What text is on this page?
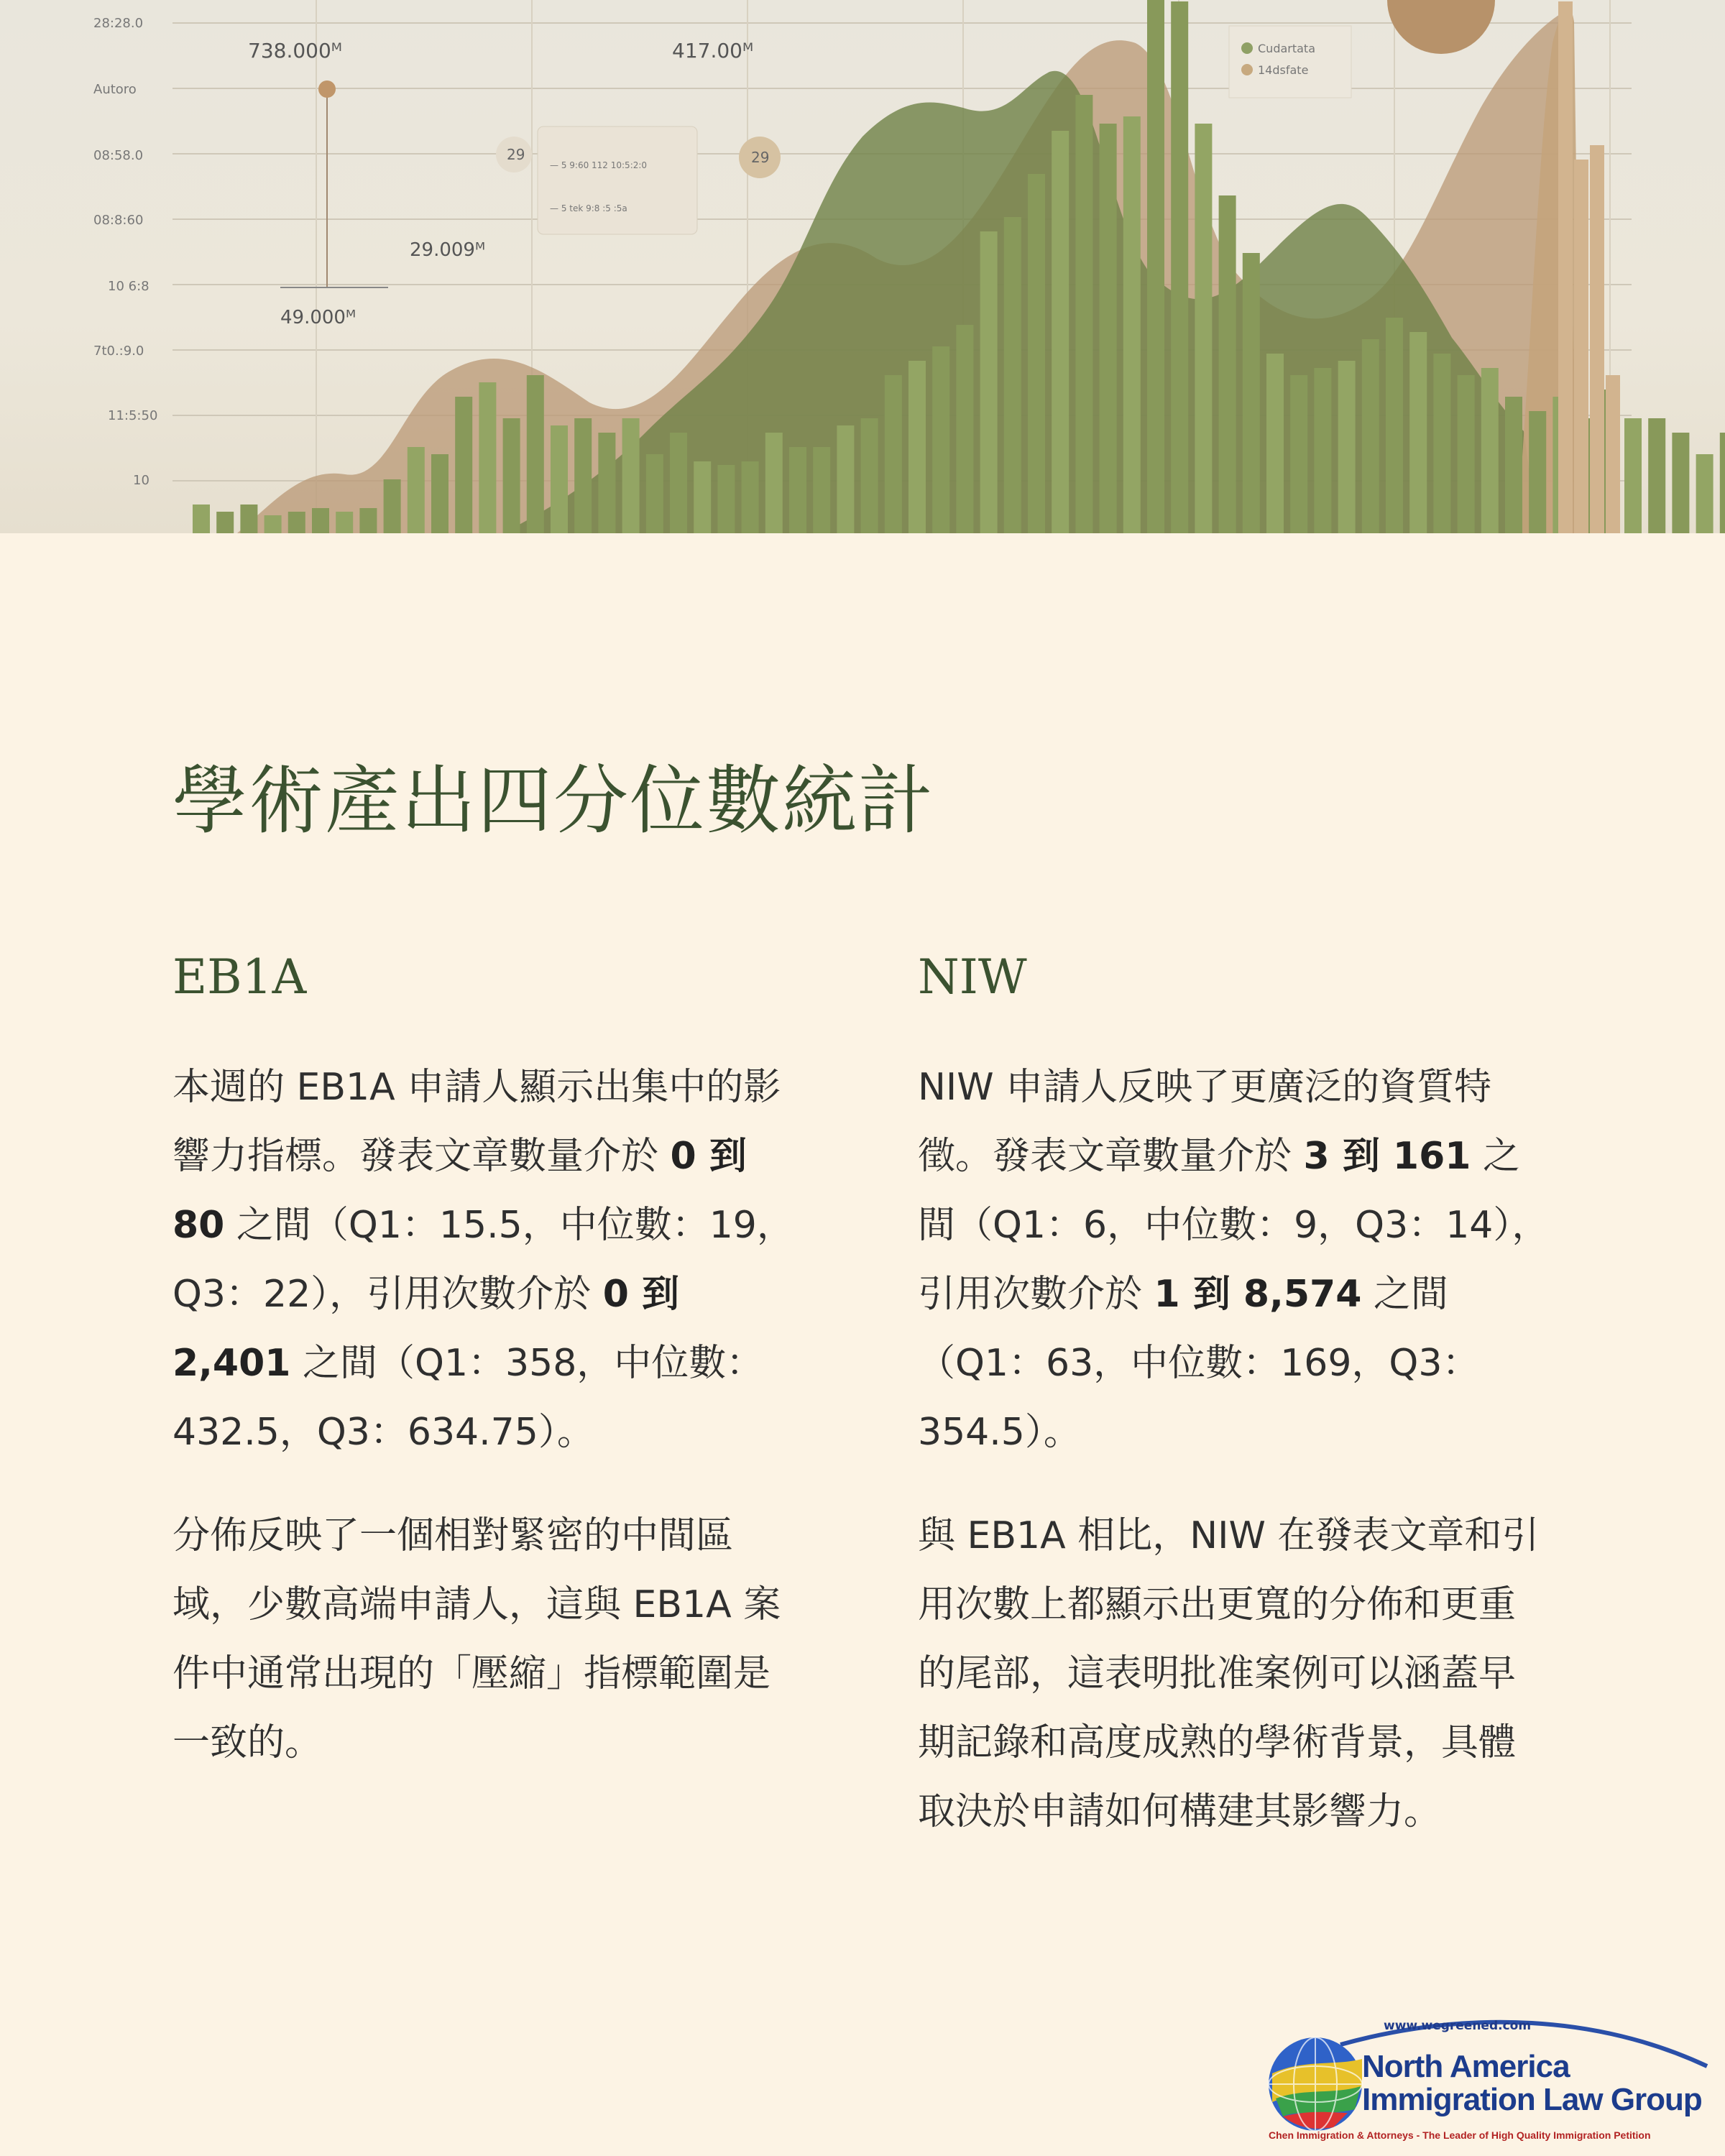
28:28.0
Autoro
08:58.0
08:8:60
10 6:8
7t0.:9.0
11:5:50
10
738.000ᴹ	417.00ᴹ
29.009ᴹ
49.000ᴹ
29	29
— 5 9:60 112 10:5:2:0
— 5 tek 9:8 :5 :5a
Cudartata
14dsfate
學術產出四分位數統計
EB1A

本週的 EB1A 申請人顯示出集中的影響力指標。發表文章數量介於 0 到 80 之間（Q1：15.5，中位數：19，Q3：22），引用次數介於 0 到 2,401 之間（Q1：358，中位數：432.5，Q3：634.75）。

分佈反映了一個相對緊密的中間區域，少數高端申請人，這與 EB1A 案件中通常出現的「壓縮」指標範圍是一致的。

NIW

NIW 申請人反映了更廣泛的資質特徵。發表文章數量介於 3 到 161 之間（Q1：6，中位數：9，Q3：14），引用次數介於 1 到 8,574 之間（Q1：63，中位數：169，Q3：354.5）。

與 EB1A 相比，NIW 在發表文章和引用次數上都顯示出更寬的分佈和更重的尾部，這表明批准案例可以涵蓋早期記錄和高度成熟的學術背景，具體取決於申請如何構建其影響力。

www.wegreened.com
North America
Immigration Law Group
Chen Immigration & Attorneys - The Leader of High Quality Immigration Petition
